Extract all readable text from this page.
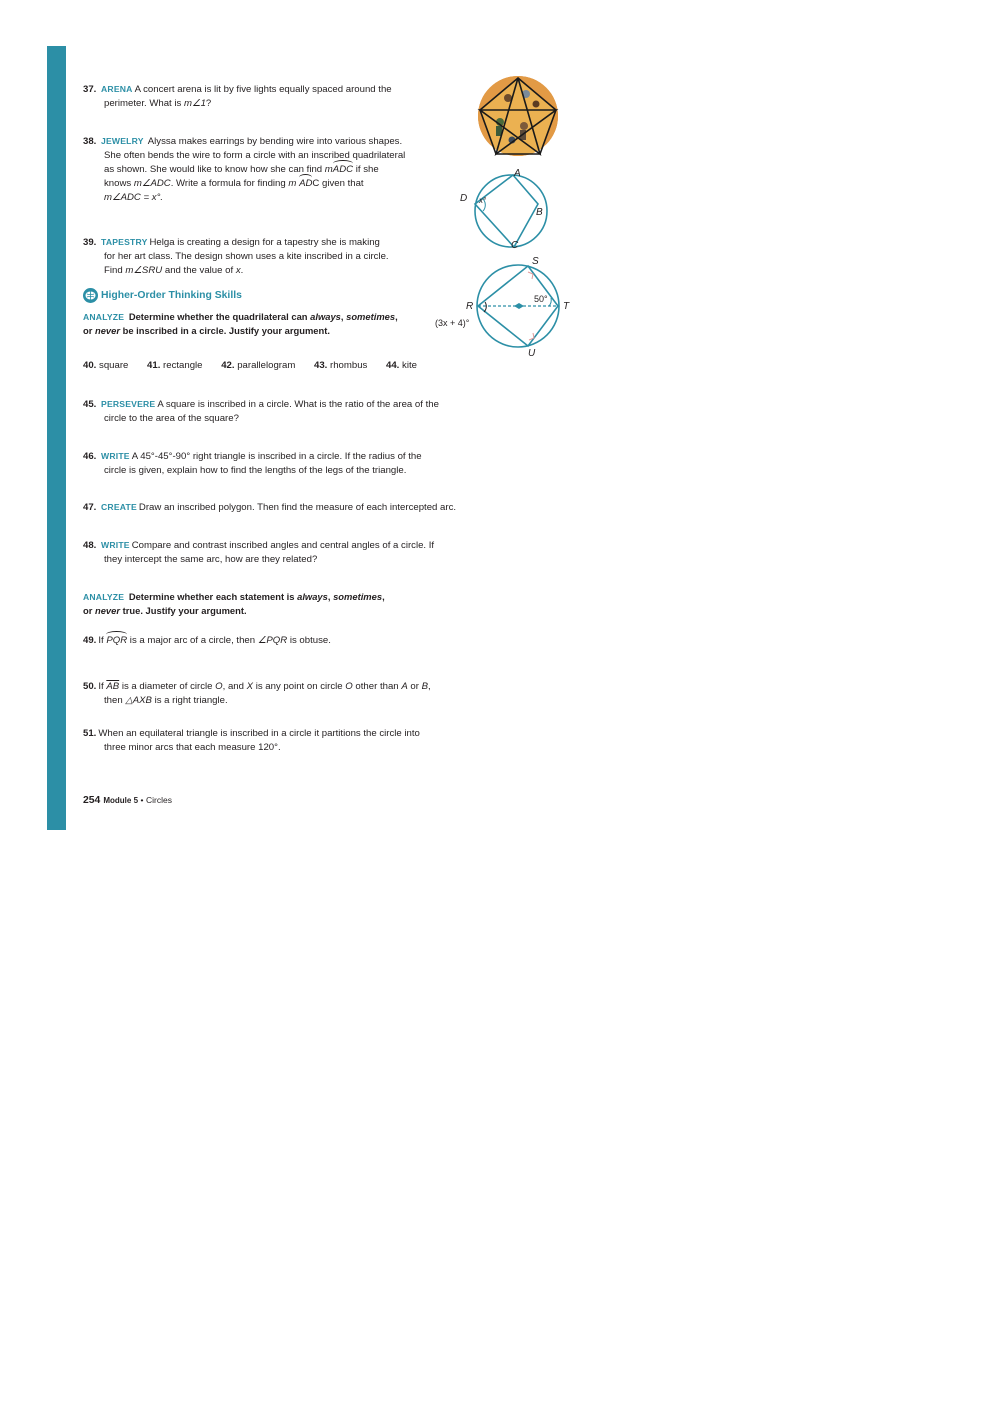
37. ARENA A concert arena is lit by five lights equally spaced around the
perimeter. What is m∠1?
38. JEWELRY Alyssa makes earrings by bending wire into various shapes.
She often bends the wire to form a circle with an inscribed quadrilateral
as shown. She would like to know how she can find mADC if she
knows m∠ADC. Write a formula for finding m ADC given that
m∠ADC = x°.
39. TAPESTRY Helga is creating a design for a tapestry she is making
for her art class. The design shown uses a kite inscribed in a circle.
Find m∠SRU and the value of x.
Higher-Order Thinking Skills
ANALYZE Determine whether the quadrilateral can always, sometimes,
or never be inscribed in a circle. Justify your argument.
40. square 41. rectangle 42. parallelogram 43. rhombus 44. kite
45. PERSEVERE A square is inscribed in a circle. What is the ratio of the area of the
circle to the area of the square?
46. WRITE A 45°-45°-90° right triangle is inscribed in a circle. If the radius of the
circle is given, explain how to find the lengths of the legs of the triangle.
47. CREATE Draw an inscribed polygon. Then find the measure of each intercepted arc.
48. WRITE Compare and contrast inscribed angles and central angles of a circle. If
they intercept the same arc, how are they related?
ANALYZE Determine whether each statement is always, sometimes,
or never true. Justify your argument.
49. If PQR is a major arc of a circle, then ∠PQR is obtuse.
50. If $\overline{AB}$ is a diameter of circle O, and X is any point on circle O other than A or B,
then △AXB is a right triangle.
51. When an equilateral triangle is inscribed in a circle it partitions the circle into
three minor arcs that each measure 120°.
254 Module 5 • Circles
A
B
C
D x°
S
R	T
U
50°
(3x + 4)°
